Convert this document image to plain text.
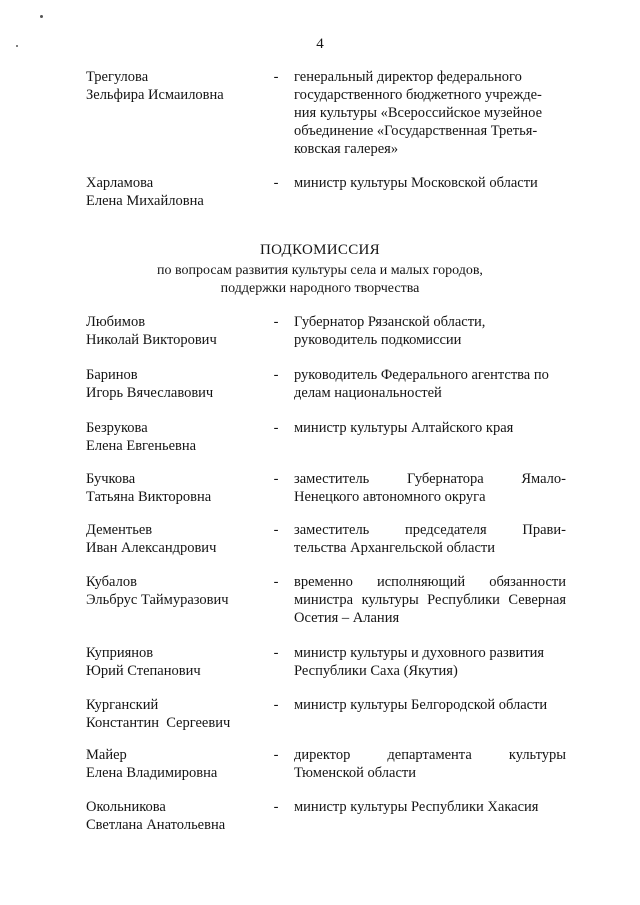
4
Трегулова
Зельфира Исмаиловна
- генеральный директор федерального
государственного бюджетного учрежде-
ния культуры «Всероссийское музейное
объединение «Государственная Третья-
ковская галерея»
Харламова
Елена Михайловна
- министр культуры Московской области
ПОДКОМИССИЯ
по вопросам развития культуры села и малых городов,
поддержки народного творчества
Любимов
Николай Викторович
- Губернатор Рязанской области,
руководитель подкомиссии
Баринов
Игорь Вячеславович
- руководитель Федерального агентства по
делам национальностей
Безрукова
Елена Евгеньевна
- министр культуры Алтайского края
Бучкова
Татьяна Викторовна
- заместитель Губернатора Ямало-
Ненецкого автономного округа
Дементьев
Иван Александрович
- заместитель председателя Прави-
тельства Архангельской области
Кубалов
Эльбрус Таймуразович
- временно исполняющий обязанности
министра культуры Республики Северная
Осетия – Алания
Куприянов
Юрий Степанович
- министр культуры и духовного развития
Республики Саха (Якутия)
Курганский
Константин  Сергеевич
- министр культуры Белгородской области
Майер
Елена Владимировна
- директор департамента культуры
Тюменской области
Окольникова
Светлана Анатольевна
- министр культуры Республики Хакасия
